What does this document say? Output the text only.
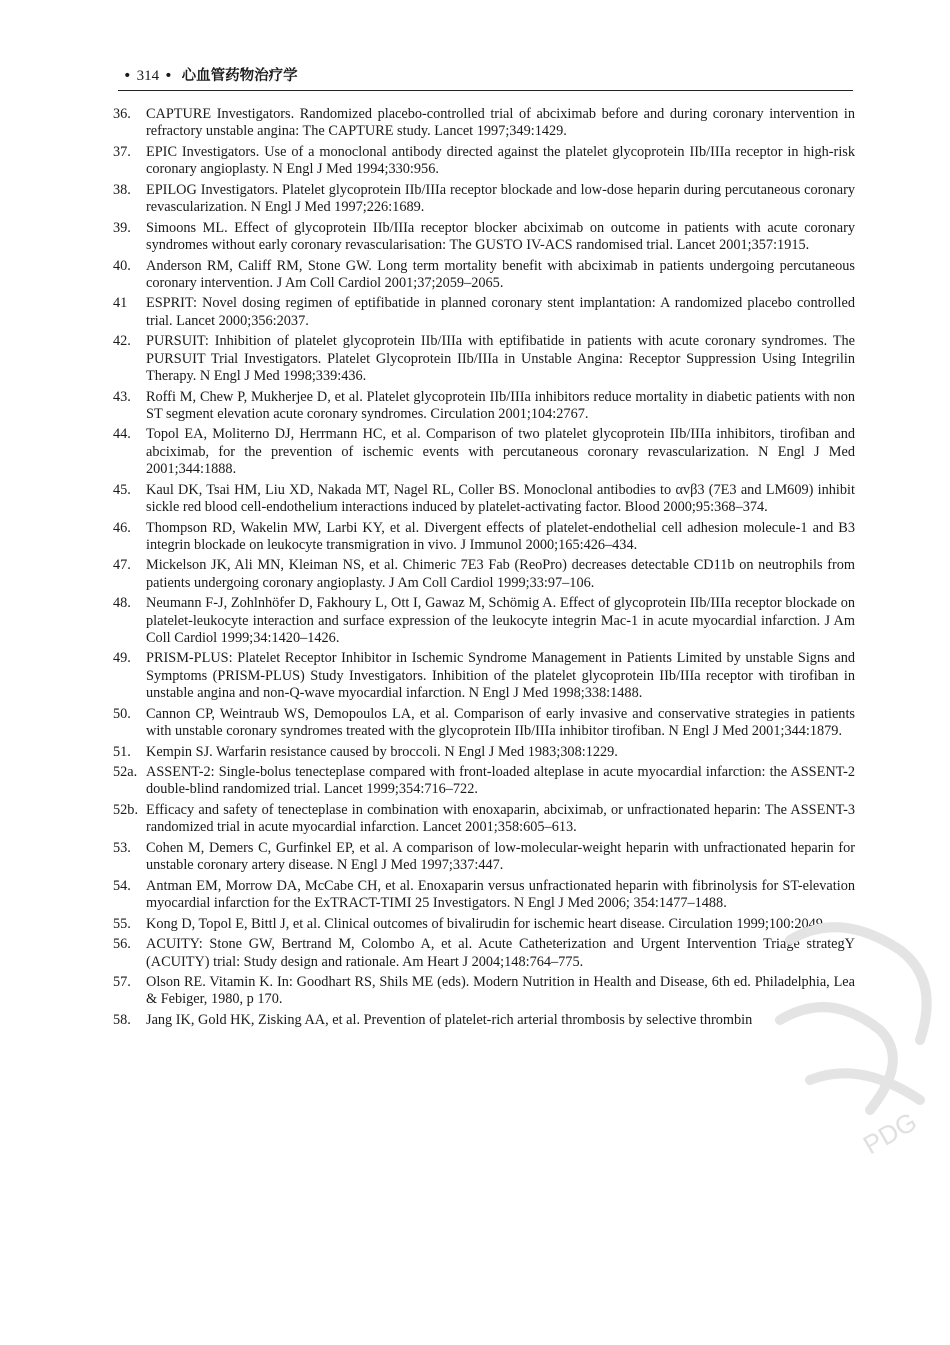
• 314 • 心血管药物治疗学
36.	CAPTURE Investigators. Randomized placebo-controlled trial of abciximab before and during coronary intervention in refractory unstable angina: The CAPTURE study. Lancet 1997;349:1429.
37.	EPIC Investigators. Use of a monoclonal antibody directed against the platelet glycoprotein IIb/IIIa receptor in high-risk coronary angioplasty. N Engl J Med 1994;330:956.
38.	EPILOG Investigators. Platelet glycoprotein IIb/IIIa receptor blockade and low-dose heparin during percutaneous coronary revascularization. N Engl J Med 1997;226:1689.
39.	Simoons ML. Effect of glycoprotein IIb/IIIa receptor blocker abciximab on outcome in patients with acute coronary syndromes without early coronary revascularisation: The GUSTO IV-ACS randomised trial. Lancet 2001;357:1915.
40.	Anderson RM, Califf RM, Stone GW. Long term mortality benefit with abciximab in patients undergoing percutaneous coronary intervention. J Am Coll Cardiol 2001;37;2059–2065.
41	ESPRIT: Novel dosing regimen of eptifibatide in planned coronary stent implantation: A randomized placebo controlled trial. Lancet 2000;356:2037.
42.	PURSUIT: Inhibition of platelet glycoprotein IIb/IIIa with eptifibatide in patients with acute coronary syndromes. The PURSUIT Trial Investigators. Platelet Glycoprotein IIb/IIIa in Unstable Angina: Receptor Suppression Using Integrilin Therapy. N Engl J Med 1998;339:436.
43.	Roffi M, Chew P, Mukherjee D, et al. Platelet glycoprotein IIb/IIIa inhibitors reduce mortality in diabetic patients with non ST segment elevation acute coronary syndromes. Circulation 2001;104:2767.
44.	Topol EA, Moliterno DJ, Herrmann HC, et al. Comparison of two platelet glycoprotein IIb/IIIa inhibitors, tirofiban and abciximab, for the prevention of ischemic events with percutaneous coronary revascularization. N Engl J Med 2001;344:1888.
45.	Kaul DK, Tsai HM, Liu XD, Nakada MT, Nagel RL, Coller BS. Monoclonal antibodies to αvβ3 (7E3 and LM609) inhibit sickle red blood cell-endothelium interactions induced by platelet-activating factor. Blood 2000;95:368–374.
46.	Thompson RD, Wakelin MW, Larbi KY, et al. Divergent effects of platelet-endothelial cell adhesion molecule-1 and B3 integrin blockade on leukocyte transmigration in vivo. J Immunol 2000;165:426–434.
47.	Mickelson JK, Ali MN, Kleiman NS, et al. Chimeric 7E3 Fab (ReoPro) decreases detectable CD11b on neutrophils from patients undergoing coronary angioplasty. J Am Coll Cardiol 1999;33:97–106.
48.	Neumann F-J, Zohlnhöfer D, Fakhoury L, Ott I, Gawaz M, Schömig A. Effect of glycoprotein IIb/IIIa receptor blockade on platelet-leukocyte interaction and surface expression of the leukocyte integrin Mac-1 in acute myocardial infarction. J Am Coll Cardiol 1999;34:1420–1426.
49.	PRISM-PLUS: Platelet Receptor Inhibitor in Ischemic Syndrome Management in Patients Limited by unstable Signs and Symptoms (PRISM-PLUS) Study Investigators. Inhibition of the platelet glycoprotein IIb/IIIa receptor with tirofiban in unstable angina and non-Q-wave myocardial infarction. N Engl J Med 1998;338:1488.
50.	Cannon CP, Weintraub WS, Demopoulos LA, et al. Comparison of early invasive and conservative strategies in patients with unstable coronary syndromes treated with the glycoprotein IIb/IIIa inhibitor tirofiban. N Engl J Med 2001;344:1879.
51.	Kempin SJ. Warfarin resistance caused by broccoli. N Engl J Med 1983;308:1229.
52a. ASSENT-2: Single-bolus tenecteplase compared with front-loaded alteplase in acute myocardial infarction: the ASSENT-2 double-blind randomized trial. Lancet 1999;354:716–722.
52b. Efficacy and safety of tenecteplase in combination with enoxaparin, abciximab, or unfractionated heparin: The ASSENT-3 randomized trial in acute myocardial infarction. Lancet 2001;358:605–613.
53.	Cohen M, Demers C, Gurfinkel EP, et al. A comparison of low-molecular-weight heparin with unfractionated heparin for unstable coronary artery disease. N Engl J Med 1997;337:447.
54.	Antman EM, Morrow DA, McCabe CH, et al. Enoxaparin versus unfractionated heparin with fibrinolysis for ST-elevation myocardial infarction for the ExTRACT-TIMI 25 Investigators. N Engl J Med 2006; 354:1477–1488.
55.	Kong D, Topol E, Bittl J, et al. Clinical outcomes of bivalirudin for ischemic heart disease. Circulation 1999;100:2049.
56.	ACUITY: Stone GW, Bertrand M, Colombo A, et al. Acute Catheterization and Urgent Intervention Triage strategY (ACUITY) trial: Study design and rationale. Am Heart J 2004;148:764–775.
57.	Olson RE. Vitamin K. In: Goodhart RS, Shils ME (eds). Modern Nutrition in Health and Disease, 6th ed. Philadelphia, Lea & Febiger, 1980, p 170.
58.	Jang IK, Gold HK, Zisking AA, et al. Prevention of platelet-rich arterial thrombosis by selective thrombin
PDG
